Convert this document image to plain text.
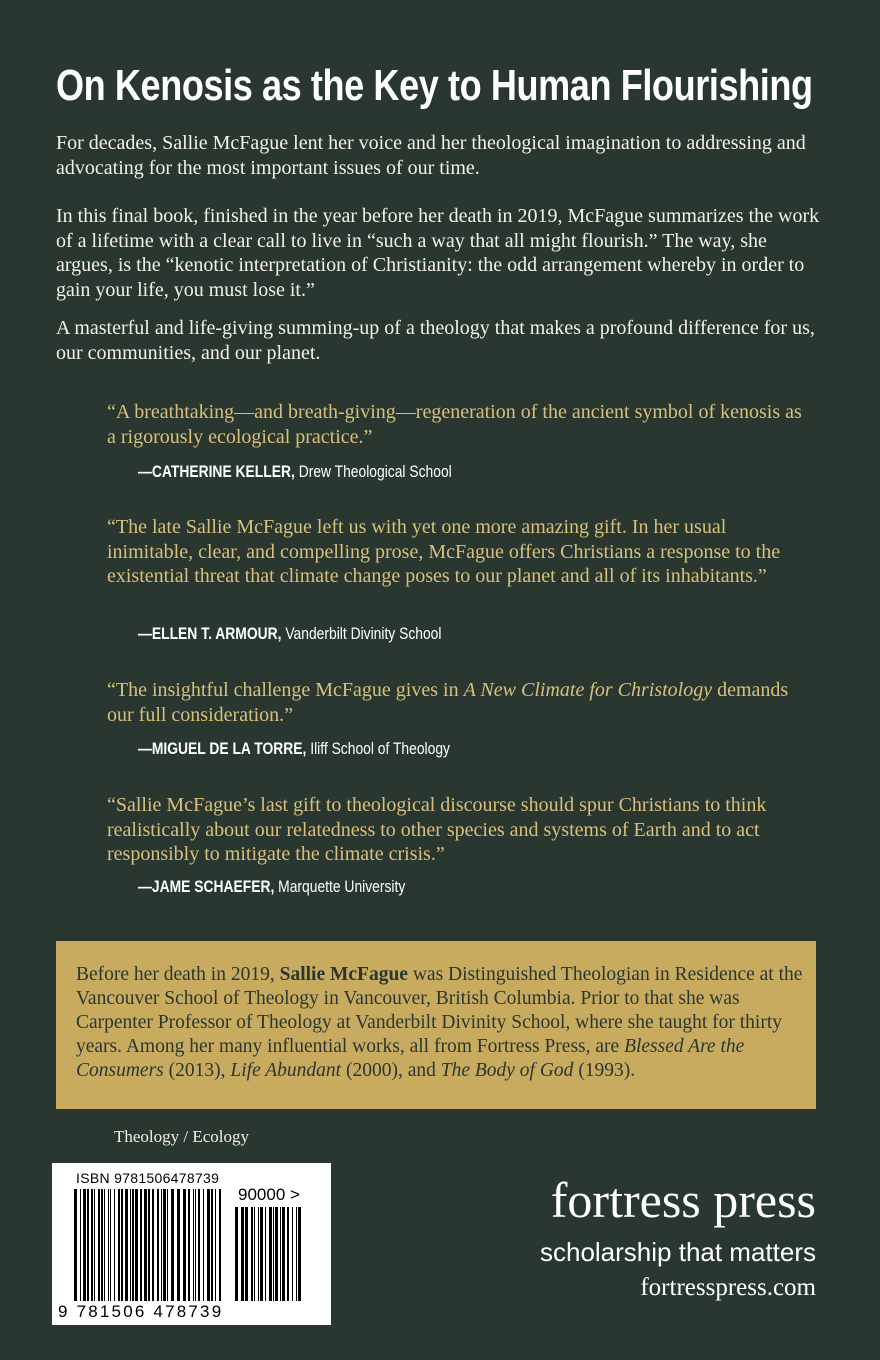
On Kenosis as the Key to Human Flourishing

For decades, Sallie McFague lent her voice and her theological imagination to addressing and advocating for the most important issues of our time.

In this final book, finished in the year before her death in 2019, McFague summarizes the work of a lifetime with a clear call to live in “such a way that all might flourish.” The way, she argues, is the “kenotic interpretation of Christianity: the odd arrangement whereby in order to gain your life, you must lose it.”

A masterful and life-giving summing-up of a theology that makes a profound difference for us, our communities, and our planet.

“A breathtaking—and breath-giving—regeneration of the ancient symbol of kenosis as a rigorously ecological practice.”

—CATHERINE KELLER, Drew Theological School

“The late Sallie McFague left us with yet one more amazing gift. In her usual inimitable, clear, and compelling prose, McFague offers Christians a response to the existential threat that climate change poses to our planet and all of its inhabitants.”

—ELLEN T. ARMOUR, Vanderbilt Divinity School

“The insightful challenge McFague gives in A New Climate for Christology demands our full consideration.”

—MIGUEL DE LA TORRE, Iliff School of Theology

“Sallie McFague’s last gift to theological discourse should spur Christians to think realistically about our relatedness to other species and systems of Earth and to act responsibly to mitigate the climate crisis.”

—JAME SCHAEFER, Marquette University

Before her death in 2019, Sallie McFague was Distinguished Theologian in Residence at the Vancouver School of Theology in Vancouver, British Columbia. Prior to that she was Carpenter Professor of Theology at Vanderbilt Divinity School, where she taught for thirty years. Among her many influential works, all from Fortress Press, are Blessed Are the Consumers (2013), Life Abundant (2000), and The Body of God (1993).

Theology / Ecology
ISBN 9781506478739
90000 >
9 781506 478739
fortress press
scholarship that matters
fortresspress.com
